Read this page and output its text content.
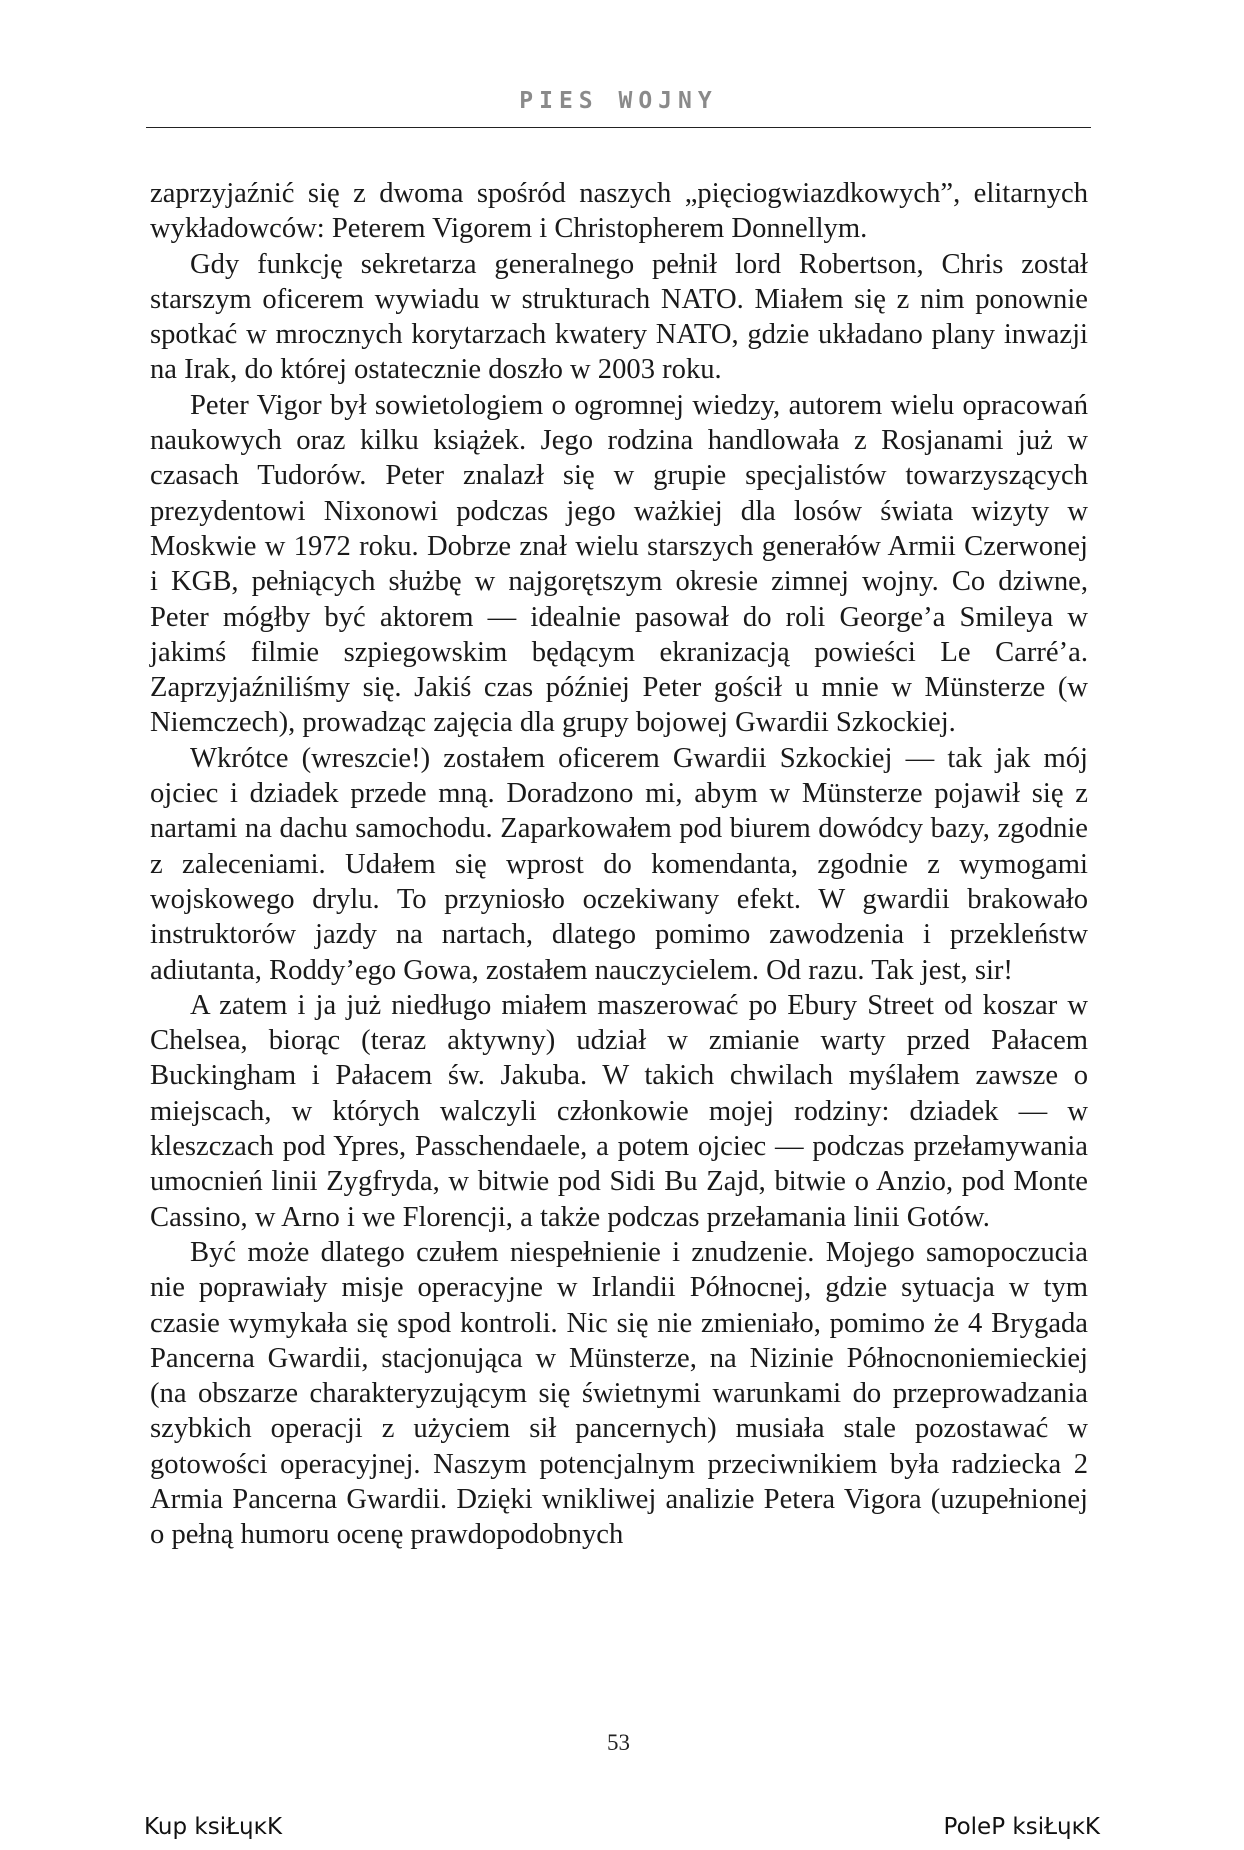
PIES WOJNY

zaprzyjaźnić się z dwoma spośród naszych „pięciogwiazdkowych”, elitarnych wykładowców: Peterem Vigorem i Christopherem Donnellym.

Gdy funkcję sekretarza generalnego pełnił lord Robertson, Chris został starszym oficerem wywiadu w strukturach NATO. Miałem się z nim ponownie spotkać w mrocznych korytarzach kwatery NATO, gdzie układano plany inwazji na Irak, do której ostatecznie doszło w 2003 roku.

Peter Vigor był sowietologiem o ogromnej wiedzy, autorem wielu opracowań naukowych oraz kilku książek. Jego rodzina handlowała z Rosjanami już w czasach Tudorów. Peter znalazł się w grupie specjalistów towarzyszących prezydentowi Nixonowi podczas jego ważkiej dla losów świata wizyty w Moskwie w 1972 roku. Dobrze znał wielu starszych generałów Armii Czerwonej i KGB, pełniących służbę w najgorętszym okresie zimnej wojny. Co dziwne, Peter mógłby być aktorem — idealnie pasował do roli George’a Smileya w jakimś filmie szpiegowskim będącym ekranizacją powieści Le Carré’a. Zaprzyjaźniliśmy się. Jakiś czas później Peter gościł u mnie w Münsterze (w Niemczech), prowadząc zajęcia dla grupy bojowej Gwardii Szkockiej.

Wkrótce (wreszcie!) zostałem oficerem Gwardii Szkockiej — tak jak mój ojciec i dziadek przede mną. Doradzono mi, abym w Münsterze pojawił się z nartami na dachu samochodu. Zaparkowałem pod biurem dowódcy bazy, zgodnie z zaleceniami. Udałem się wprost do komendanta, zgodnie z wymogami wojskowego drylu. To przyniosło oczekiwany efekt. W gwardii brakowało instruktorów jazdy na nartach, dlatego pomimo zawodzenia i przekleństw adiutanta, Roddy’ego Gowa, zostałem nauczycielem. Od razu. Tak jest, sir!

A zatem i ja już niedługo miałem maszerować po Ebury Street od koszar w Chelsea, biorąc (teraz aktywny) udział w zmianie warty przed Pałacem Buckingham i Pałacem św. Jakuba. W takich chwilach myślałem zawsze o miejscach, w których walczyli członkowie mojej rodziny: dziadek — w kleszczach pod Ypres, Passchendaele, a potem ojciec — podczas przełamywania umocnień linii Zygfryda, w bitwie pod Sidi Bu Zajd, bitwie o Anzio, pod Monte Cassino, w Arno i we Florencji, a także podczas przełamania linii Gotów.

Być może dlatego czułem niespełnienie i znudzenie. Mojego samopoczucia nie poprawiały misje operacyjne w Irlandii Północnej, gdzie sytuacja w tym czasie wymykała się spod kontroli. Nic się nie zmieniało, pomimo że 4 Brygada Pancerna Gwardii, stacjonująca w Münsterze, na Nizinie Północnoniemieckiej (na obszarze charakteryzującym się świetnymi warunkami do przeprowadzania szybkich operacji z użyciem sił pancernych) musiała stale pozostawać w gotowości operacyjnej. Naszym potencjalnym przeciwnikiem była radziecka 2 Armia Pancerna Gwardii. Dzięki wnikliwej analizie Petera Vigora (uzupełnionej o pełną humoru ocenę prawdopodobnych

53
Kup ksiŁɥĸK	PoleP ksiŁɥĸK
